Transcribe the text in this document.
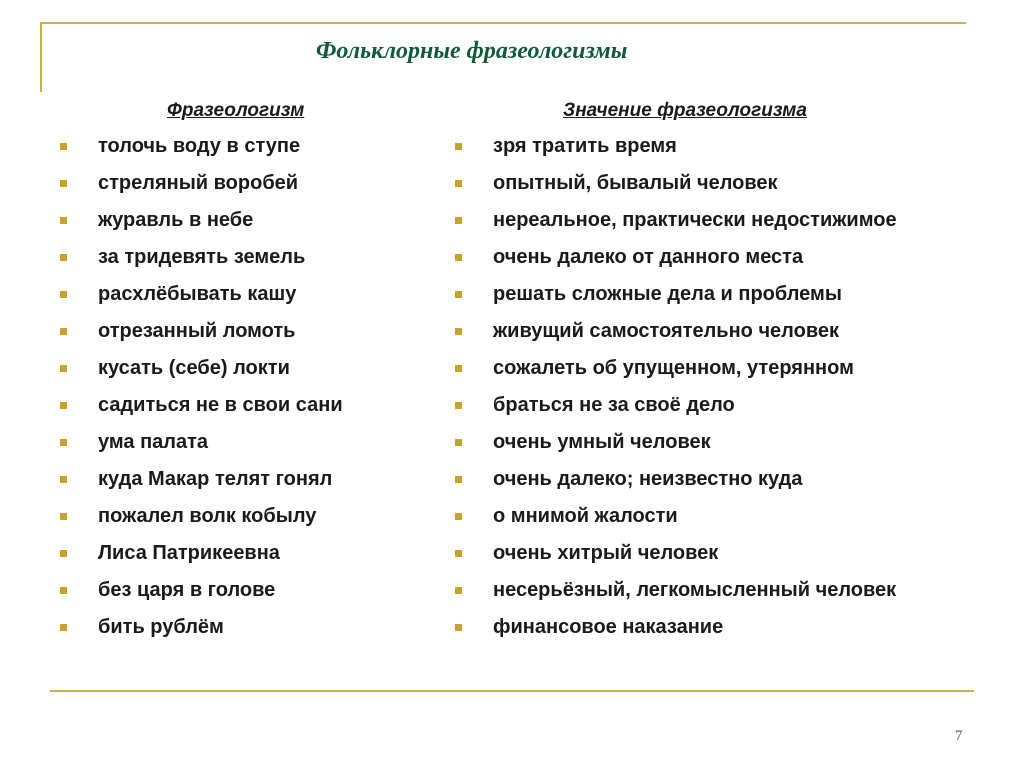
Фольклорные фразеологизмы
Фразеологизм	Значение фразеологизма
толочь воду в ступе
стреляный воробей
журавль в небе
за тридевять земель
расхлёбывать кашу
отрезанный ломоть
кусать (себе) локти
садиться не в свои сани
ума палата
куда Макар телят гонял
пожалел волк кобылу
Лиса Патрикеевна
без царя в голове
бить рублём
зря тратить время
опытный, бывалый человек
нереальное, практически недостижимое
очень далеко от данного места
решать сложные дела и проблемы
живущий самостоятельно человек
сожалеть об упущенном, утерянном
браться не за своё дело
очень умный человек
очень далеко; неизвестно куда
о мнимой жалости
очень хитрый человек
несерьёзный, легкомысленный человек
финансовое наказание
7
